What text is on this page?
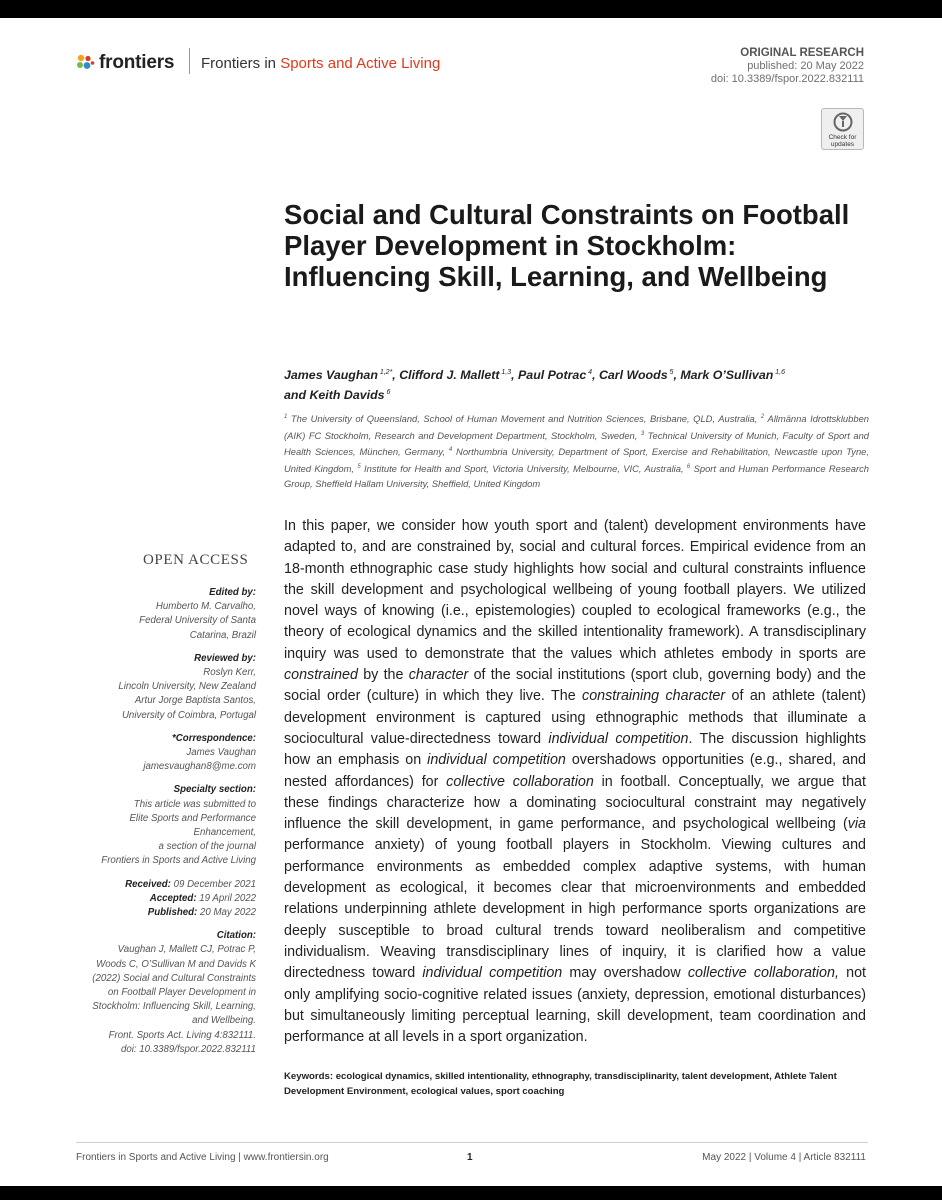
frontiers Frontiers in Sports and Active Living
ORIGINAL RESEARCH
published: 20 May 2022
doi: 10.3389/fspor.2022.832111
Check for
updates
Social and Cultural Constraints on Football Player Development in Stockholm: Influencing Skill, Learning, and Wellbeing
James Vaughan $^{1,2*}$, Clifford J. Mallett $^{1,3}$, Paul Potrac $^4$, Carl Woods $^5$, Mark O’Sullivan $^{1,6}$
and Keith Davids $^6$
$^1$ The University of Queensland, School of Human Movement and Nutrition Sciences, Brisbane, QLD, Australia, $^2$ Allmänna Idrottsklubben (AIK) FC Stockholm, Research and Development Department, Stockholm, Sweden, $^3$ Technical University of Munich, Faculty of Sport and Health Sciences, München, Germany, $^4$ Northumbria University, Department of Sport, Exercise and Rehabilitation, Newcastle upon Tyne, United Kingdom, $^5$ Institute for Health and Sport, Victoria University, Melbourne, VIC, Australia, $^6$ Sport and Human Performance Research Group, Sheffield Hallam University, Sheffield, United Kingdom
OPEN ACCESS
Edited by:
Humberto M. Carvalho,
Federal University of Santa
Catarina, Brazil
Reviewed by:
Roslyn Kerr,
Lincoln University, New Zealand
Artur Jorge Baptista Santos,
University of Coimbra, Portugal
*Correspondence:
James Vaughan
jamesvaughan8@me.com
Specialty section:
This article was submitted to
Elite Sports and Performance
Enhancement,
a section of the journal
Frontiers in Sports and Active Living
Received: 09 December 2021
Accepted: 19 April 2022
Published: 20 May 2022
Citation:
Vaughan J, Mallett CJ, Potrac P,
Woods C, O’Sullivan M and Davids K
(2022) Social and Cultural Constraints
on Football Player Development in
Stockholm: Influencing Skill, Learning,
and Wellbeing.
Front. Sports Act. Living 4:832111.
doi: 10.3389/fspor.2022.832111

In this paper, we consider how youth sport and (talent) development environments have adapted to, and are constrained by, social and cultural forces. Empirical evidence from an 18-month ethnographic case study highlights how social and cultural constraints influence the skill development and psychological wellbeing of young football players. We utilized novel ways of knowing (i.e., epistemologies) coupled to ecological frameworks (e.g., the theory of ecological dynamics and the skilled intentionality framework). A transdisciplinary inquiry was used to demonstrate that the values which athletes embody in sports are constrained by the character of the social institutions (sport club, governing body) and the social order (culture) in which they live. The constraining character of an athlete (talent) development environment is captured using ethnographic methods that illuminate a sociocultural value-directedness toward individual competition. The discussion highlights how an emphasis on individual competition overshadows opportunities (e.g., shared, and nested affordances) for collective collaboration in football. Conceptually, we argue that these findings characterize how a dominating sociocultural constraint may negatively influence the skill development, in game performance, and psychological wellbeing (via performance anxiety) of young football players in Stockholm. Viewing cultures and performance environments as embedded complex adaptive systems, with human development as ecological, it becomes clear that microenvironments and embedded relations underpinning athlete development in high performance sports organizations are deeply susceptible to broad cultural trends toward neoliberalism and competitive individualism. Weaving transdisciplinary lines of inquiry, it is clarified how a value directedness toward individual competition may overshadow collective collaboration, not only amplifying socio-cognitive related issues (anxiety, depression, emotional disturbances) but simultaneously limiting perceptual learning, skill development, team coordination and performance at all levels in a sport organization.

Keywords: ecological dynamics, skilled intentionality, ethnography, transdisciplinarity, talent development, Athlete Talent Development Environment, ecological values, sport coaching
Frontiers in Sports and Active Living | www.frontiersin.org	1	May 2022 | Volume 4 | Article 832111
